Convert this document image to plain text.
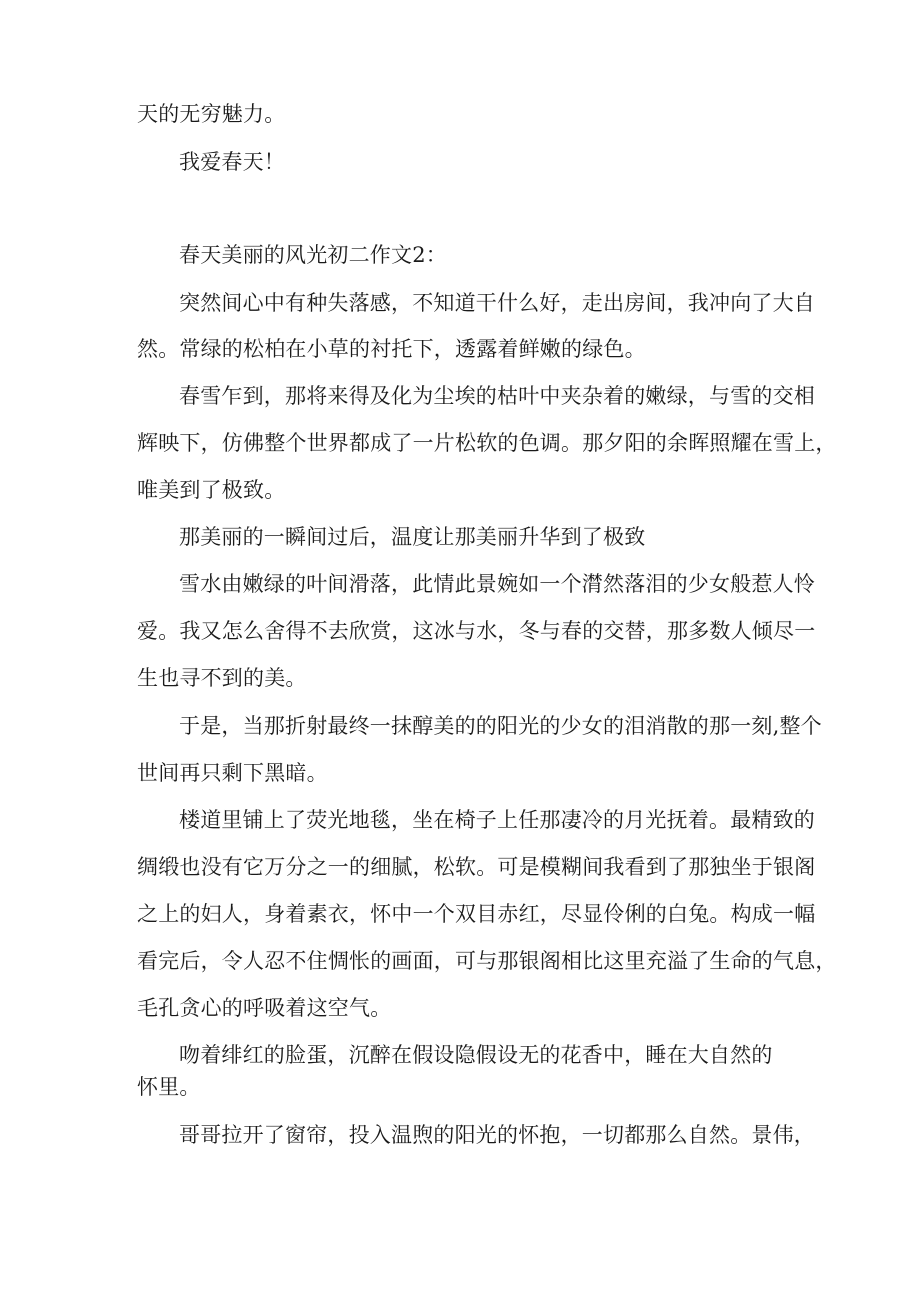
天的无穷魅力。
我爱春天！
春天美丽的风光初二作文2：
突然间心中有种失落感，不知道干什么好，走出房间，我冲向了大自
然。常绿的松柏在小草的衬托下，透露着鲜嫩的绿色。
春雪乍到，那将来得及化为尘埃的枯叶中夹杂着的嫩绿，与雪的交相
辉映下，仿佛整个世界都成了一片松软的色调。那夕阳的余晖照耀在雪上，
唯美到了极致。
那美丽的一瞬间过后，温度让那美丽升华到了极致
雪水由嫩绿的叶间滑落，此情此景婉如一个潸然落泪的少女般惹人怜
爱。我又怎么舍得不去欣赏，这冰与水，冬与春的交替，那多数人倾尽一
生也寻不到的美。
于是，当那折射最终一抹醇美的的阳光的少女的泪消散的那一刻,整个
世间再只剩下黑暗。
楼道里铺上了荧光地毯，坐在椅子上任那凄冷的月光抚着。最精致的
绸缎也没有它万分之一的细腻，松软。可是模糊间我看到了那独坐于银阁
之上的妇人，身着素衣，怀中一个双目赤红，尽显伶俐的白兔。构成一幅
看完后，令人忍不住惆怅的画面，可与那银阁相比这里充溢了生命的气息，
毛孔贪心的呼吸着这空气。
吻着绯红的脸蛋，沉醉在假设隐假设无的花香中，睡在大自然的
怀里。
哥哥拉开了窗帘，投入温煦的阳光的怀抱，一切都那么自然。景伟，
